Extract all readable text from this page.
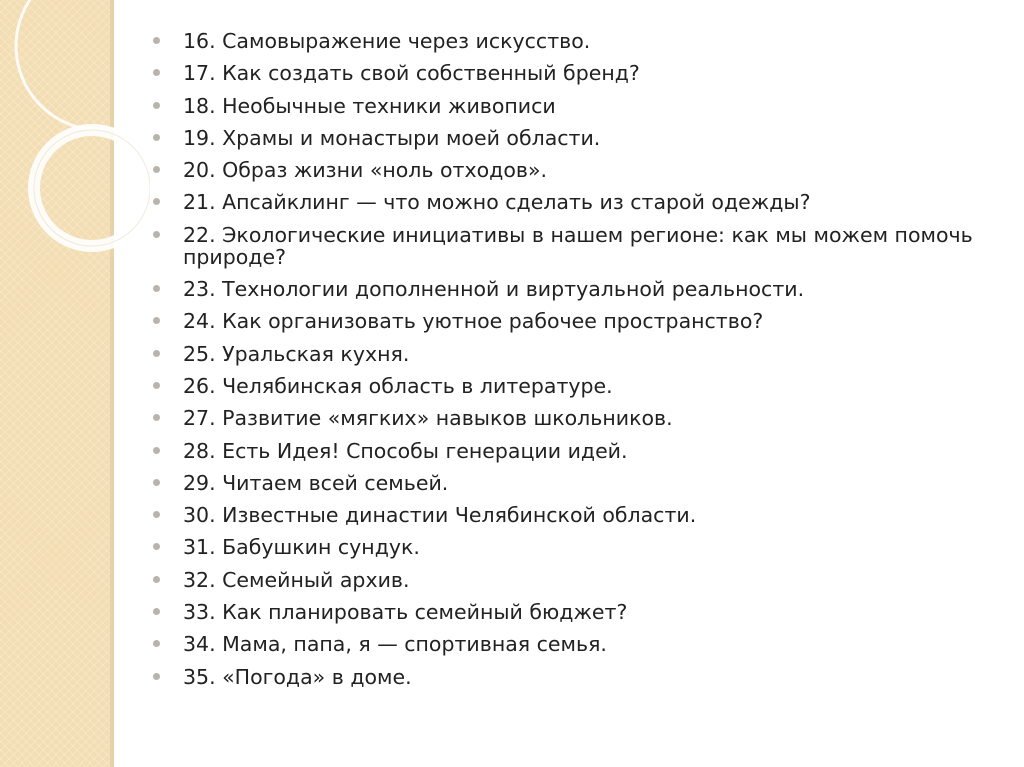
16. Самовыражение через искусство.
17. Как создать свой собственный бренд?
18. Необычные техники живописи
19. Храмы и монастыри моей области.
20. Образ жизни «ноль отходов».
21. Апсайклинг — что можно сделать из старой одежды?
22. Экологические инициативы в нашем регионе: как мы можем помочь природе?
23. Технологии дополненной и виртуальной реальности.
24. Как организовать уютное рабочее пространство?
25. Уральская кухня.
26. Челябинская область в литературе.
27. Развитие «мягких» навыков школьников.
28. Есть Идея! Способы генерации идей.
29. Читаем всей семьей.
30. Известные династии Челябинской области.
31. Бабушкин сундук.
32. Семейный архив.
33. Как планировать семейный бюджет?
34. Мама, папа, я — спортивная семья.
35. «Погода» в доме.
